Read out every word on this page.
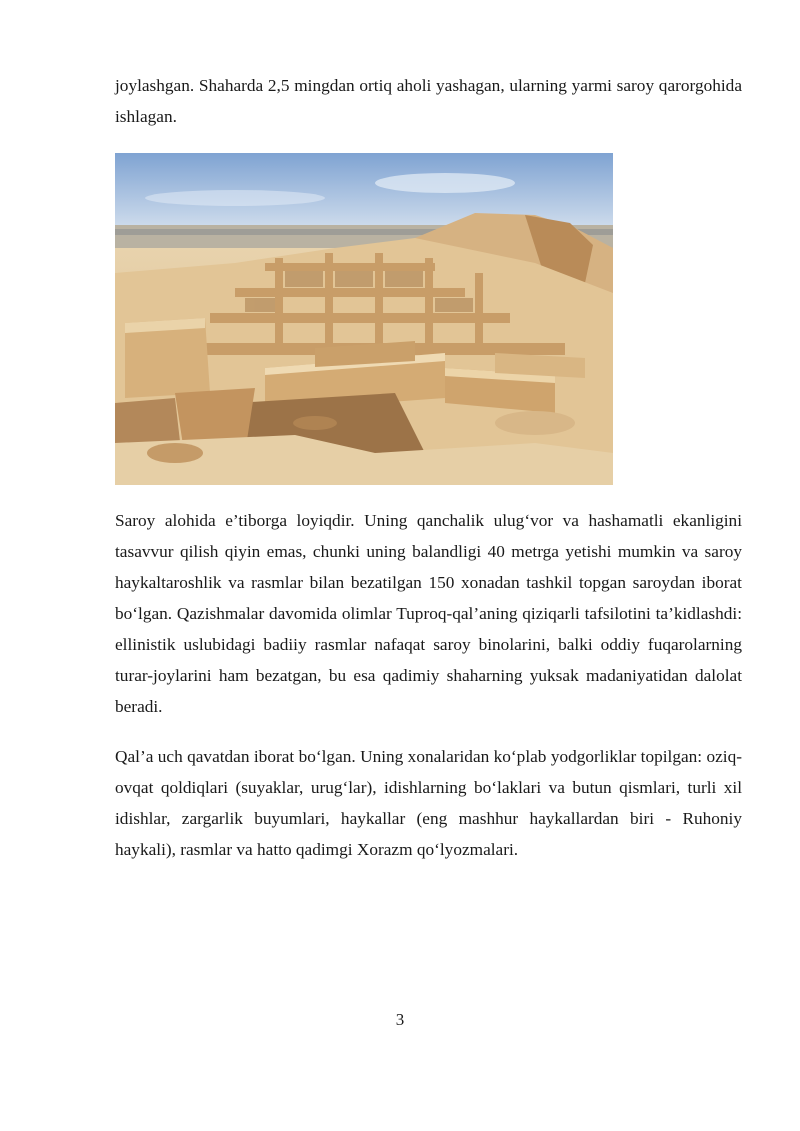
joylashgan. Shaharda 2,5 mingdan ortiq aholi yashagan, ularning yarmi saroy qarorgohida ishlagan.

Saroy alohida e’tiborga loyiqdir. Uning qanchalik ulug‘vor va hashamatli ekanligini tasavvur qilish qiyin emas, chunki uning balandligi 40 metrga yetishi mumkin va saroy haykaltaroshlik va rasmlar bilan bezatilgan 150 xonadan tashkil topgan saroydan iborat bo‘lgan. Qazishmalar davomida olimlar Tuproq-qal’aning qiziqarli tafsilotini ta’kidlashdi: ellinistik uslubidagi badiiy rasmlar nafaqat saroy binolarini, balki oddiy fuqarolarning turar-joylarini ham bezatgan, bu esa qadimiy shaharning yuksak madaniyatidan dalolat beradi.

Qal’a uch qavatdan iborat bo‘lgan. Uning xonalaridan ko‘plab yodgorliklar topilgan: oziq-ovqat qoldiqlari (suyaklar, urug‘lar), idishlarning bo‘laklari va butun qismlari, turli xil idishlar, zargarlik buyumlari, haykallar (eng mashhur haykallardan biri - Ruhoniy haykali), rasmlar va hatto qadimgi Xorazm qo‘lyozmalari.

3
